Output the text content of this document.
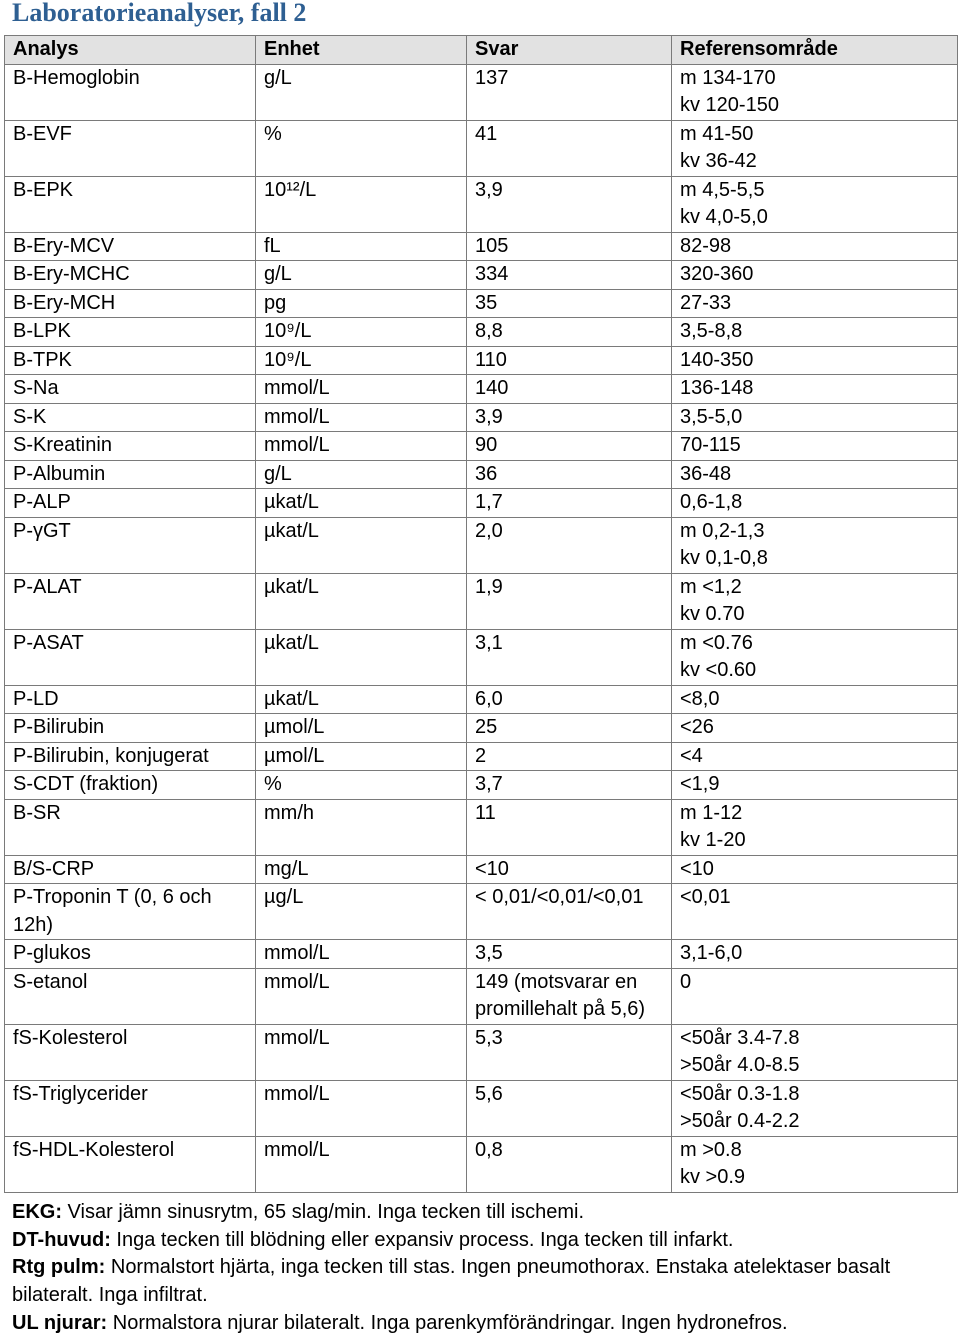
Laboratorieanalyser, fall 2
Analys	Enhet	Svar	Referensområde
B-Hemoglobin	g/L	137	m 134-170
kv 120-150

B-EVF	%	41	m 41-50
kv 36-42

B-EPK	10¹²/L	3,9	m 4,5-5,5
kv 4,0-5,0

B-Ery-MCV	fL	105	82-98

B-Ery-MCHC	g/L	334	320-360

B-Ery-MCH	pg	35	27-33

B-LPK	10⁹/L	8,8	3,5-8,8

B-TPK	10⁹/L	110	140-350

S-Na	mmol/L	140	136-148

S-K	mmol/L	3,9	3,5-5,0

S-Kreatinin	mmol/L	90	70-115

P-Albumin	g/L	36	36-48

P-ALP	µkat/L	1,7	0,6-1,8

P-γGT	µkat/L	2,0	m 0,2-1,3
kv 0,1-0,8

P-ALAT	µkat/L	1,9	m <1,2
kv 0.70

P-ASAT	µkat/L	3,1	m <0.76
kv <0.60

P-LD	µkat/L	6,0	<8,0

P-Bilirubin	µmol/L	25	<26

P-Bilirubin, konjugerat	µmol/L	2	<4

S-CDT (fraktion)	%	3,7	<1,9

B-SR	mm/h	11	m 1-12
kv 1-20

B/S-CRP	mg/L	<10	<10

P-Troponin T (0, 6 och 12h)	µg/L	< 0,01/<0,01/<0,01	<0,01

P-glukos	mmol/L	3,5	3,1-6,0

S-etanol	mmol/L	149 (motsvarar en promillehalt på 5,6)	0

fS-Kolesterol	mmol/L	5,3	<50år 3.4-7.8
>50år 4.0-8.5

fS-Triglycerider	mmol/L	5,6	<50år 0.3-1.8
>50år 0.4-2.2

fS-HDL-Kolesterol	mmol/L	0,8	m >0.8
kv >0.9

EKG: Visar jämn sinusrytm, 65 slag/min. Inga tecken till ischemi.

DT-huvud: Inga tecken till blödning eller expansiv process. Inga tecken till infarkt.

Rtg pulm: Normalstort hjärta, inga tecken till stas. Ingen pneumothorax. Enstaka atelektaser basalt bilateralt. Inga infiltrat.

UL njurar: Normalstora njurar bilateralt. Inga parenkymförändringar. Ingen hydronefros.
